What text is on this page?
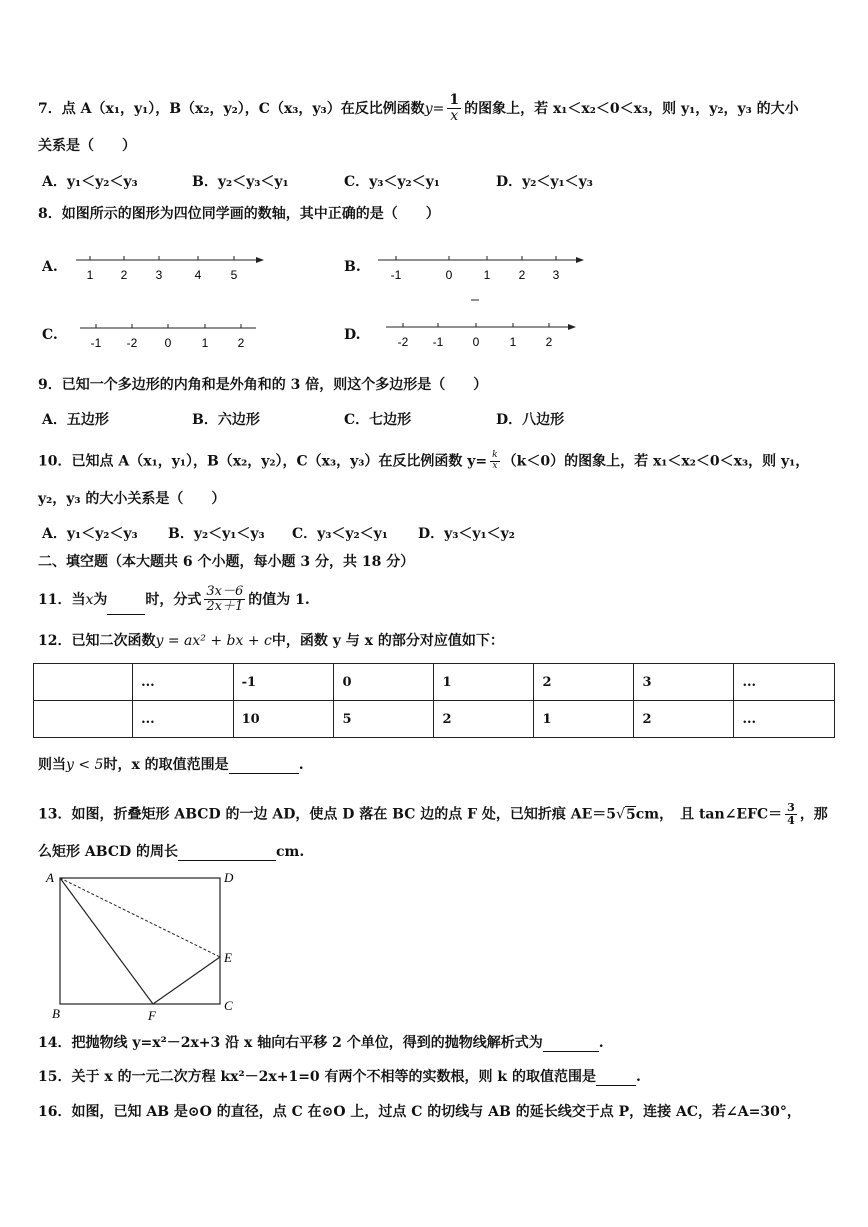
7．点 A（x₁，y₁），B（x₂，y₂），C（x₃，y₃）在反比例函数$y= \frac{1}{x}$ 的图象上，若 x₁＜x₂＜0＜x₃，则 y₁，y₂，y₃ 的大小
关系是（　　）
A．y₁＜y₂＜y₃	B．y₂＜y₃＜y₁	C．y₃＜y₂＜y₁	D．y₂＜y₁＜y₃
8．如图所示的图形为四位同学画的数轴，其中正确的是（　　）
A. 1 2 3	4 5	B. -1	0	1 2 3
C.	-1 -2 0	1 2	D.	-2 -1 0	1 2
9．已知一个多边形的内角和是外角和的 3 倍，则这个多边形是（　　）
A．五边形	B．六边形	C．七边形	D．八边形
10．已知点 A（x₁，y₁），B（x₂，y₂），C（x₃，y₃）在反比例函数 $y= \frac{k}{x} (k<0)$的图象上，若 x₁＜x₂＜0＜x₃，则 y₁，
y₂，y₃ 的大小关系是（　　）
A．y₁＜y₂＜y₃ B．y₂＜y₁＜y₃ C．y₃＜y₂＜y₁ D．y₃＜y₁＜y₂
二、填空题（本大题共 6 个小题，每小题 3 分，共 18 分）
11．当x为	时，分式 $\frac{3x-6}{2x+1}$ 的值为 1.
12．已知二次函数y = ax² + bx + c中，函数 y 与 x 的部分对应值如下：
	...	-1	0	1	2	3	...
	...	10	5	2	1	2	...
则当y < 5时，x 的取值范围是	.
13．如图，折叠矩形 ABCD 的一边 AD，使点 D 落在 BC 边的点 F 处，已知折痕 AE＝5√5cm，　且 tan∠EFC＝ $\frac{3}{4}$ ，那
么矩形 ABCD 的周长	cm.
A	D
E
B	F
C
14．把抛物线 y=x²－2x+3 沿 x 轴向右平移 2 个单位，得到的抛物线解析式为	.
15．关于 x 的一元二次方程 kx²－2x+1=0 有两个不相等的实数根，则 k 的取值范围是	.
16．如图，已知 AB 是⊙O 的直径，点 C 在⊙O 上，过点 C 的切线与 AB 的延长线交于点 P，连接 AC，若∠A=30°，
